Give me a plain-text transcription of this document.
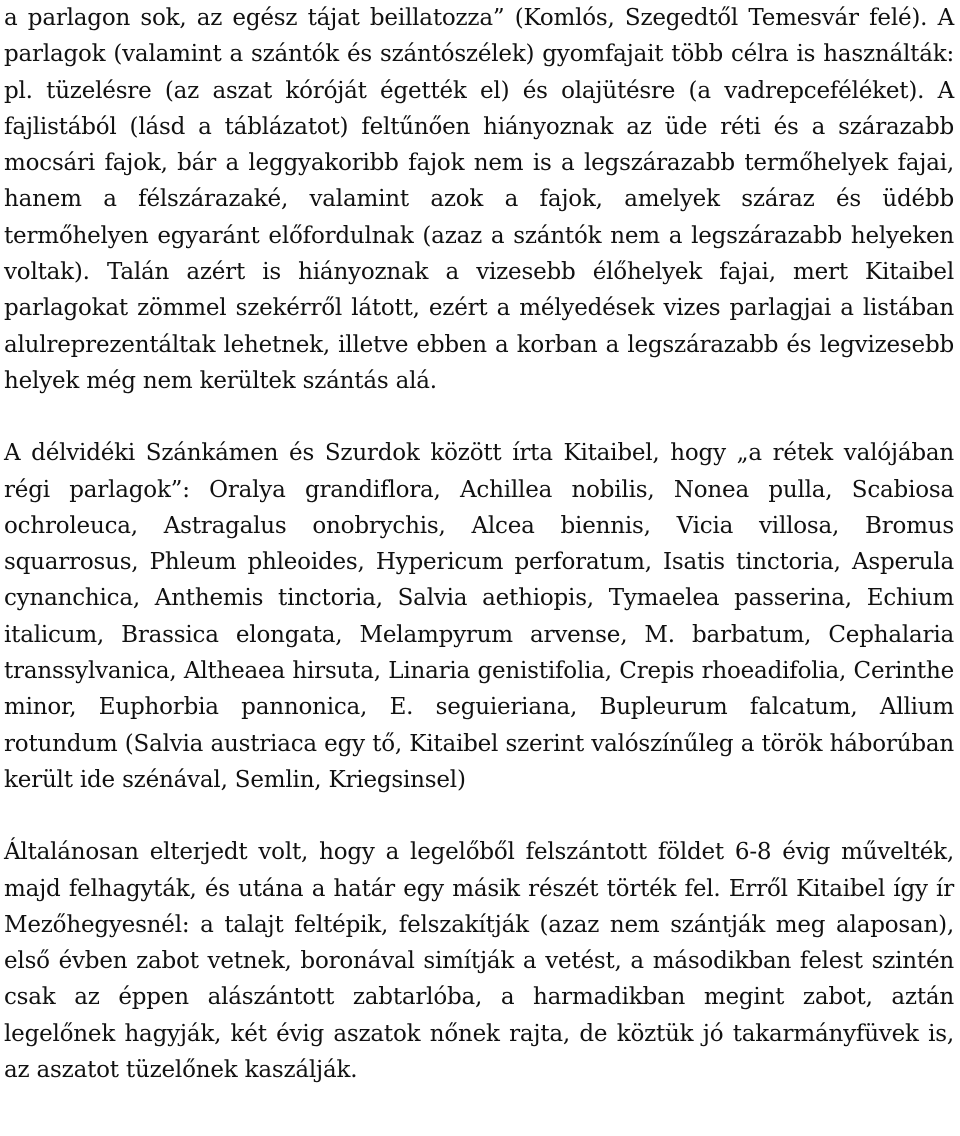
a parlagon sok, az egész tájat beillatozza” (Komlós, Szegedtől Temesvár felé). A parlagok (valamint a szántók és szántószélek) gyomfajait több célra is használták: pl. tüzelésre (az aszat kóróját égették el) és olajütésre (a vadrepceféléket). A fajlistából (lásd a táblázatot) feltűnően hiányoznak az üde réti és a szárazabb mocsári fajok, bár a leggyakoribb fajok nem is a legszárazabb termőhelyek fajai, hanem a félszárazaké, valamint azok a fajok, amelyek száraz és üdébb termőhelyen egyaránt előfordulnak (azaz a szántók nem a legszárazabb helyeken voltak). Talán azért is hiányoznak a vizesebb élőhelyek fajai, mert Kitaibel parlagokat zömmel szekérről látott, ezért a mélyedések vizes parlagjai a listában alulreprezentáltak lehetnek, illetve ebben a korban a legszárazabb és legvizesebb helyek még nem kerültek szántás alá.

A délvidéki Szánkámen és Szurdok között írta Kitaibel, hogy „a rétek valójában régi parlagok”: Oralya grandiflora, Achillea nobilis, Nonea pulla, Scabiosa ochroleuca, Astragalus onobrychis, Alcea biennis, Vicia villosa, Bromus squarrosus, Phleum phleoides, Hypericum perforatum, Isatis tinctoria, Asperula cynanchica, Anthemis tinctoria, Salvia aethiopis, Tymaelea passerina, Echium italicum, Brassica elongata, Melampyrum arvense, M. barbatum, Cephalaria transsylvanica, Altheaea hirsuta, Linaria genistifolia, Crepis rhoeadifolia, Cerinthe minor, Euphorbia pannonica, E. seguieriana, Bupleurum falcatum, Allium rotundum (Salvia austriaca egy tő, Kitaibel szerint valószínűleg a török háborúban került ide szénával, Semlin, Kriegsinsel)

Általánosan elterjedt volt, hogy a legelőből felszántott földet 6-8 évig művelték, majd felhagyták, és utána a határ egy másik részét törték fel. Erről Kitaibel így ír Mezőhegyesnél: a talajt feltépik, felszakítják (azaz nem szántják meg alaposan), első évben zabot vetnek, boronával simítják a vetést, a másodikban felest szintén csak az éppen alászántott zabtarlóba, a harmadikban megint zabot, aztán legelőnek hagyják, két évig aszatok nőnek rajta, de köztük jó takarmányfüvek is, az aszatot tüzelőnek kaszálják.
